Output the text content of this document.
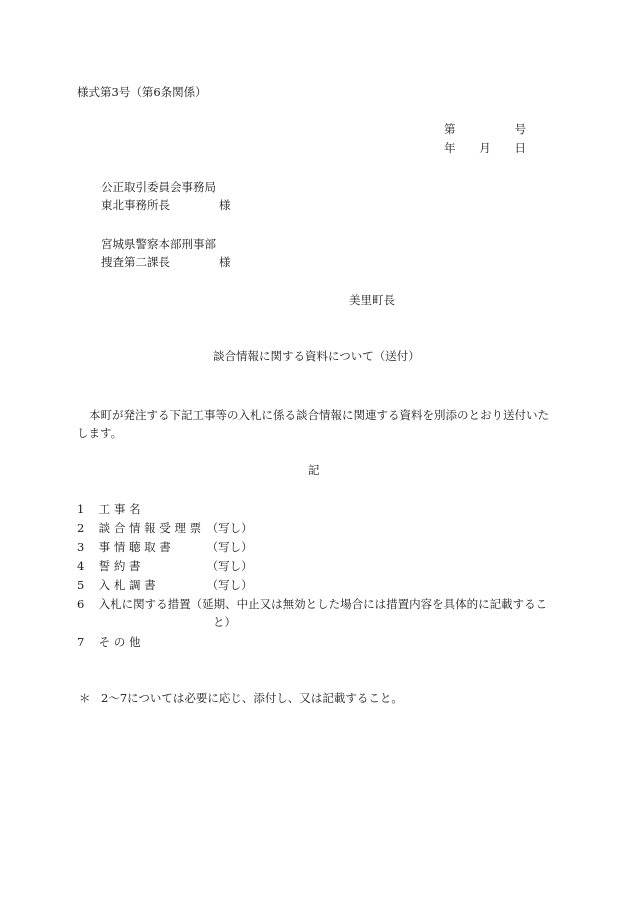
様式第3号（第6条関係）
第	号
年 月 日
公正取引委員会事務局
東北事務所長	様
宮城県警察本部刑事部
捜査第二課長	様
美里町長
談合情報に関する資料について（送付）
本町が発注する下記工事等の入札に係る談合情報に関連する資料を別添のとおり送付いたします。
記
1 工 事 名
2 談 合 情 報 受 理 票 （写し）
3 事 情 聴 取 書	（写し）
4 誓 約 書	（写し）
5 入 札 調 書	（写し）
6 入札に関する措置（延期、中止又は無効とした場合には措置内容を具体的に記載するこ
と）
7 そ の 他
＊ 2～7については必要に応じ、添付し、又は記載すること。
